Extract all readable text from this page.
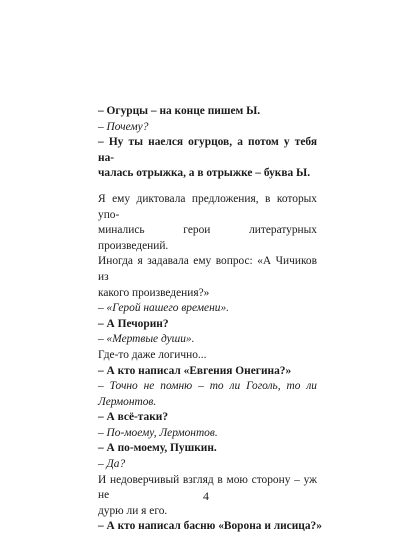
– Огурцы – на конце пишем Ы.
– Почему?
– Ну ты наелся огурцов, а потом у тебя на-
чалась отрыжка, а в отрыжке – буква Ы.
Я ему диктовала предложения, в которых упо-
минались герои литературных произведений.
Иногда я задавала ему вопрос: «А Чичиков из
какого произведения?»
– «Герой нашего времени».
– А Печорин?
– «Мертвые души».
Где-то даже логично...
– А кто написал «Евгения Онегина?»
– Точно не помню – то ли Гоголь, то ли
Лермонтов.
– А всё-таки?
– По-моему, Лермонтов.
– А по-моему, Пушкин.
– Да?
И недоверчивый взгляд в мою сторону – уж не
дурю ли я его.
– А кто написал басню «Ворона и лисица?»
4
